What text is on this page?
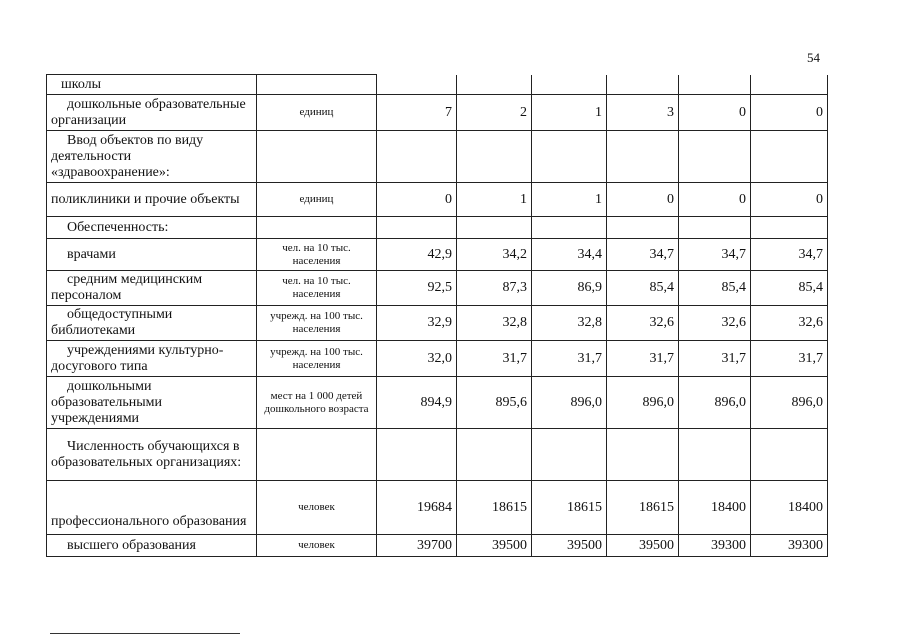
54
школы							

дошкольные образовательные организации	единиц	7	2	1	3	0	0

Ввод объектов по виду деятельности «здравоохранение»:							

поликлиники и прочие объекты	единиц	0	1	1	0	0	0
Обеспеченность:							
врачами	чел. на 10 тыс. населения	42,9	34,2	34,4	34,7	34,7	34,7

средним медицинским персоналом	чел. на 10 тыс. населения	92,5	87,3	86,9	85,4	85,4	85,4

общедоступными библиотеками	учрежд. на 100 тыс. населения	32,9	32,8	32,8	32,6	32,6	32,6

учреждениями культурно-досугового типа	учрежд. на 100 тыс. населения	32,0	31,7	31,7	31,7	31,7	31,7

дошкольными образовательными учреждениями	мест на 1 000 детей дошкольного возраста	894,9	895,6	896,0	896,0	896,0	896,0

Численность обучающихся в образовательных организациях:							

профессионального образования	человек	19684	18615	18615	18615	18400	18400
высшего образования	человек	39700	39500	39500	39500	39300	39300
